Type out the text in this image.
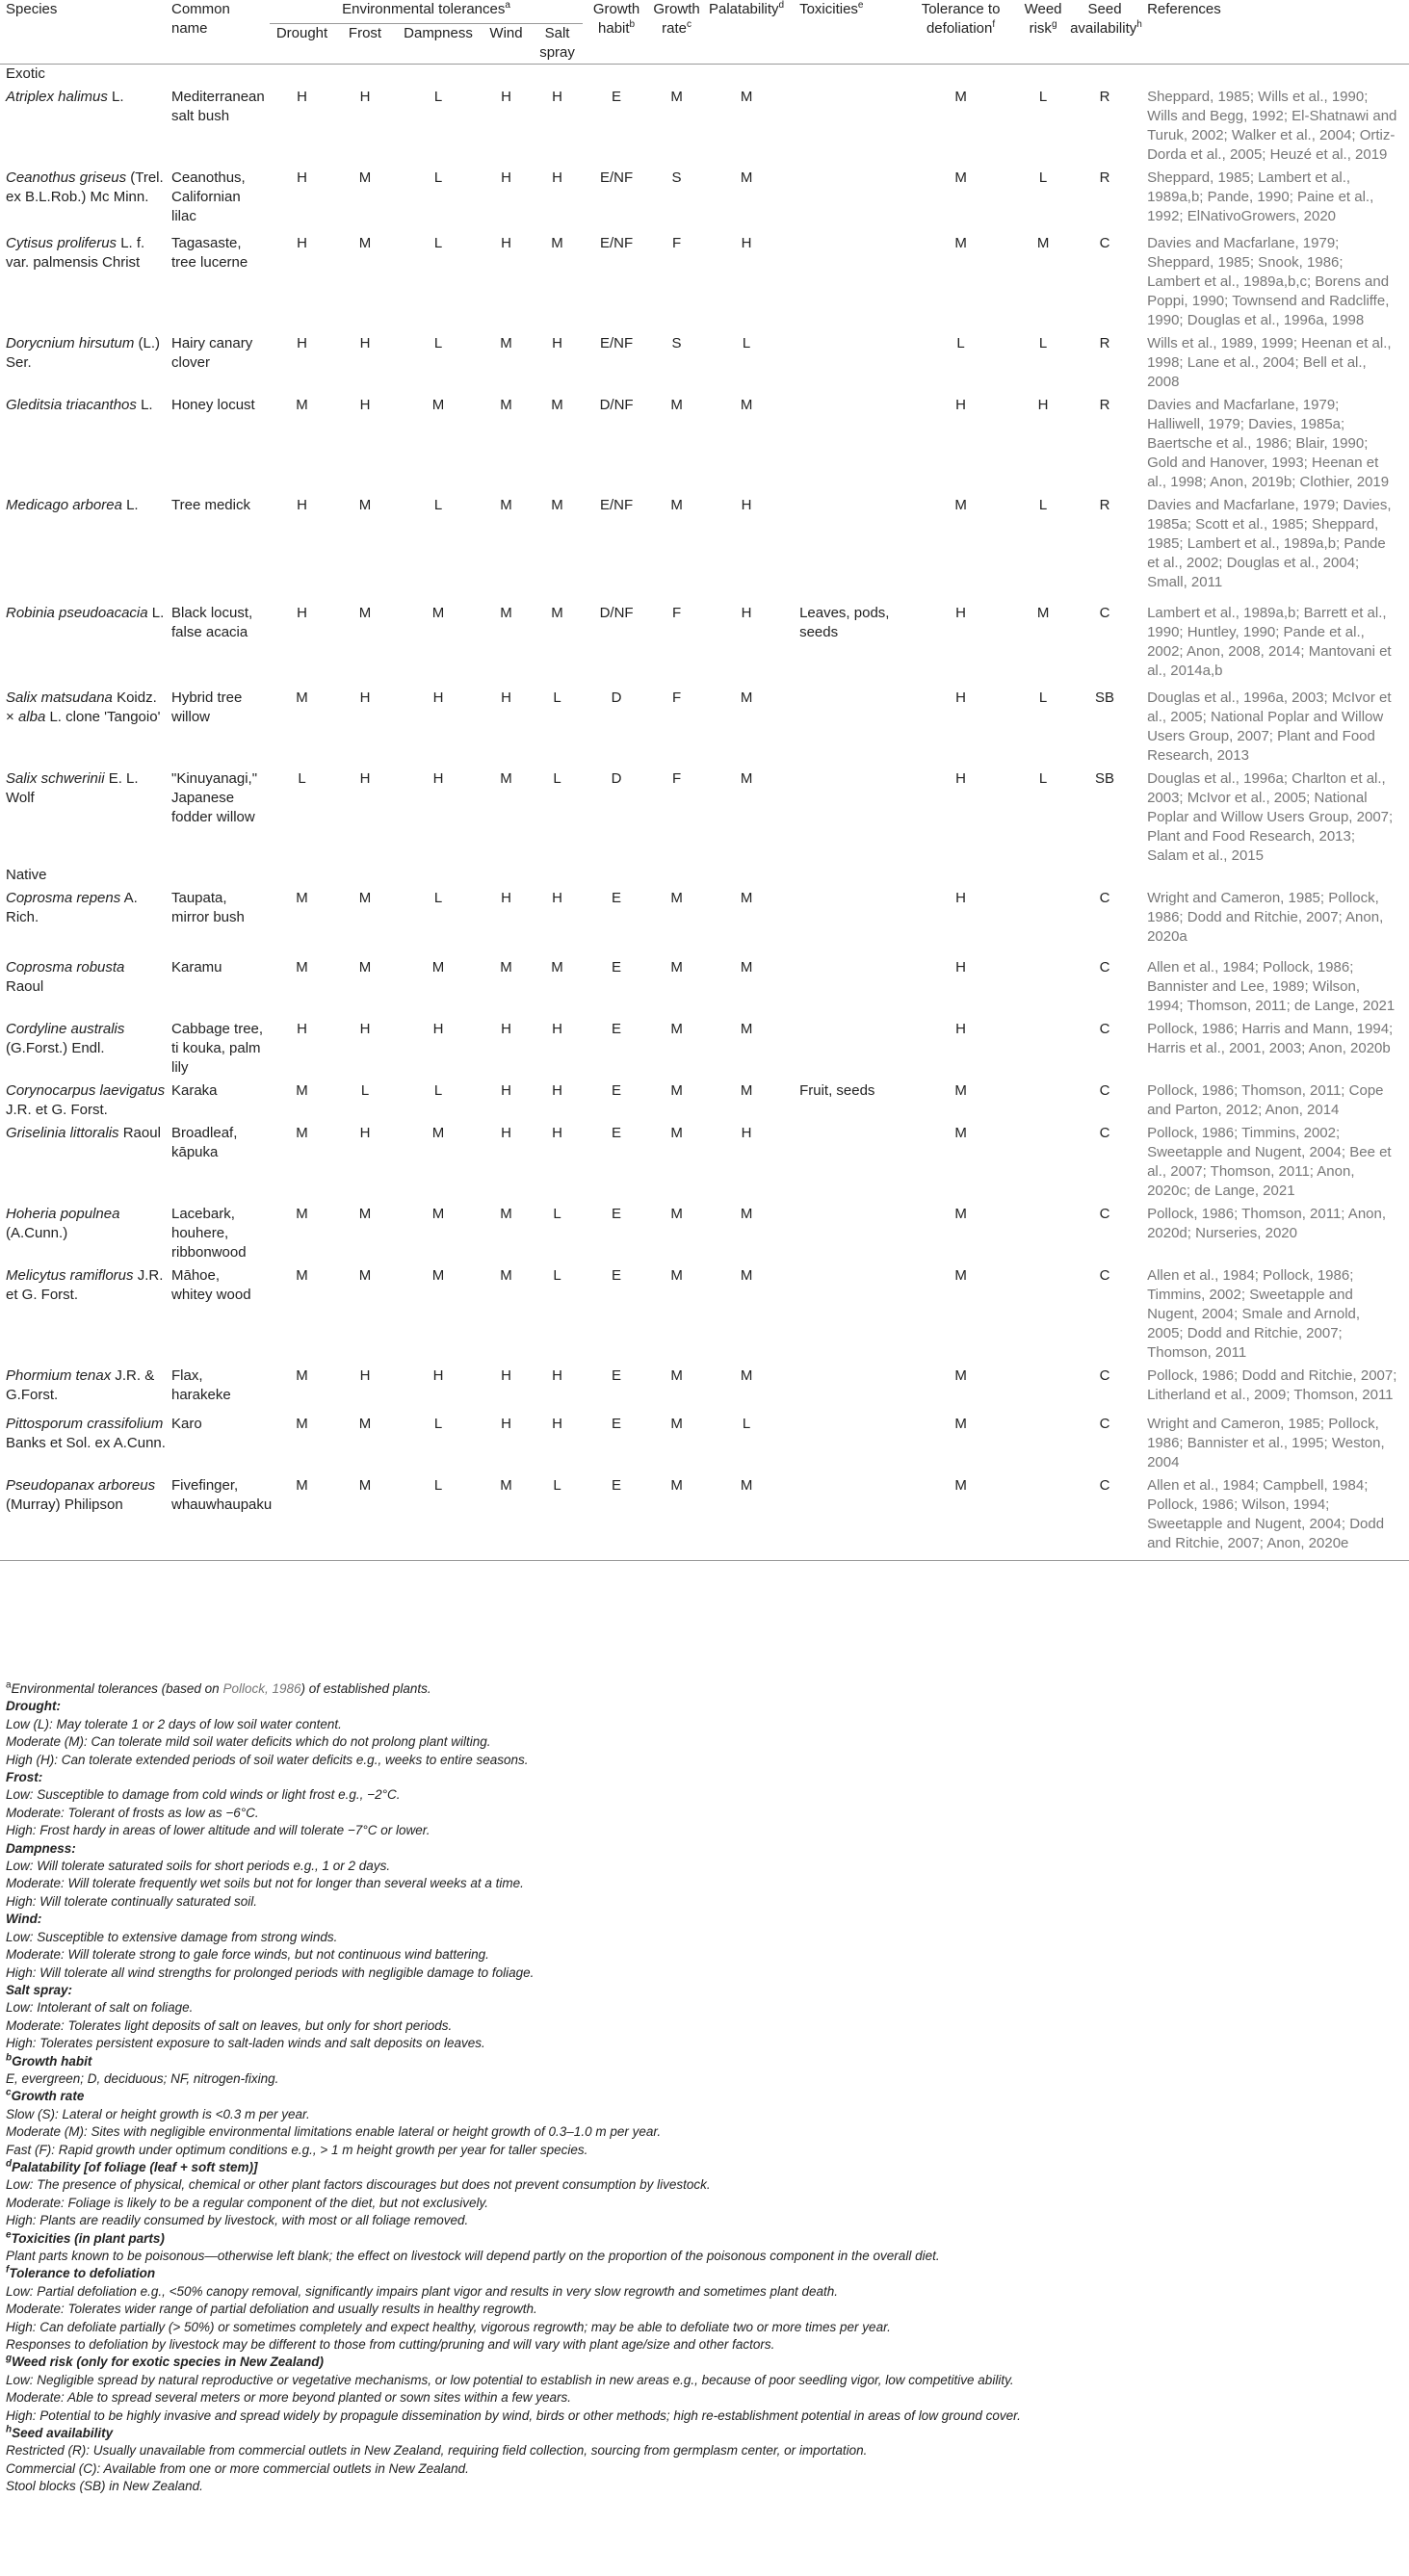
Species	Common name	Environmental tolerances$^a$					Growth habit$^b$	Growth rate$^c$	Palatability$^d$	Toxicities$^e$	Tolerance to defoliation$^f$	Weed risk$^g$	Seed availability$^h$	References
		Drought	Frost	Dampness	Wind	Salt spray								

Exotic														
Atriplex halimus L.	Mediterranean salt bush	H	H	L	H	H	E	M	M		M	L	R	Sheppard, 1985; Wills et al., 1990; Wills and Begg, 1992; El-Shatnawi and Turuk, 2002; Walker et al., 2004; Ortiz-Dorda et al., 2005; Heuzé et al., 2019
Ceanothus griseus (Trel. ex B.L.Rob.) Mc Minn.	Ceanothus, Californian lilac	H	M	L	H	H	E/NF	S	M		M	L	R	Sheppard, 1985; Lambert et al., 1989a,b; Pande, 1990; Paine et al., 1992; ElNativoGrowers, 2020
Cytisus proliferus L. f. var. palmensis Christ	Tagasaste, tree lucerne	H	M	L	H	M	E/NF	F	H		M	M	C	Davies and Macfarlane, 1979; Sheppard, 1985; Snook, 1986; Lambert et al., 1989a,b,c; Borens and Poppi, 1990; Townsend and Radcliffe, 1990; Douglas et al., 1996a, 1998
Dorycnium hirsutum (L.) Ser.	Hairy canary clover	H	H	L	M	H	E/NF	S	L		L	L	R	Wills et al., 1989, 1999; Heenan et al., 1998; Lane et al., 2004; Bell et al., 2008
Gleditsia triacanthos L.	Honey locust	M	H	M	M	M	D/NF	M	M		H	H	R	Davies and Macfarlane, 1979; Halliwell, 1979; Davies, 1985a; Baertsche et al., 1986; Blair, 1990; Gold and Hanover, 1993; Heenan et al., 1998; Anon, 2019b; Clothier, 2019
Medicago arborea L.	Tree medick	H	M	L	M	M	E/NF	M	H		M	L	R	Davies and Macfarlane, 1979; Davies, 1985a; Scott et al., 1985; Sheppard, 1985; Lambert et al., 1989a,b; Pande et al., 2002; Douglas et al., 2004; Small, 2011
Robinia pseudoacacia L.	Black locust, false acacia	H	M	M	M	M	D/NF	F	H	Leaves, pods, seeds	H	M	C	Lambert et al., 1989a,b; Barrett et al., 1990; Huntley, 1990; Pande et al., 2002; Anon, 2008, 2014; Mantovani et al., 2014a,b
Salix matsudana Koidz. × alba L. clone 'Tangoio'	Hybrid tree willow	M	H	H	H	L	D	F	M		H	L	SB	Douglas et al., 1996a, 2003; McIvor et al., 2005; National Poplar and Willow Users Group, 2007; Plant and Food Research, 2013
Salix schwerinii E. L. Wolf	"Kinuyanagi," Japanese fodder willow	L	H	H	M	L	D	F	M		H	L	SB	Douglas et al., 1996a; Charlton et al., 2003; McIvor et al., 2005; National Poplar and Willow Users Group, 2007; Plant and Food Research, 2013; Salam et al., 2015
Native														
Coprosma repens A. Rich.	Taupata, mirror bush	M	M	L	H	H	E	M	M		H		C	Wright and Cameron, 1985; Pollock, 1986; Dodd and Ritchie, 2007; Anon, 2020a
Coprosma robusta Raoul	Karamu	M	M	M	M	M	E	M	M		H		C	Allen et al., 1984; Pollock, 1986; Bannister and Lee, 1989; Wilson, 1994; Thomson, 2011; de Lange, 2021
Cordyline australis (G.Forst.) Endl.	Cabbage tree, ti kouka, palm lily	H	H	H	H	H	E	M	M		H		C	Pollock, 1986; Harris and Mann, 1994; Harris et al., 2001, 2003; Anon, 2020b
Corynocarpus laevigatus J.R. et G. Forst.	Karaka	M	L	L	H	H	E	M	M	Fruit, seeds	M		C	Pollock, 1986; Thomson, 2011; Cope and Parton, 2012; Anon, 2014
Griselinia littoralis Raoul	Broadleaf, kāpuka	M	H	M	H	H	E	M	H		M		C	Pollock, 1986; Timmins, 2002; Sweetapple and Nugent, 2004; Bee et al., 2007; Thomson, 2011; Anon, 2020c; de Lange, 2021
Hoheria populnea (A.Cunn.)	Lacebark, houhere, ribbonwood	M	M	M	M	L	E	M	M		M		C	Pollock, 1986; Thomson, 2011; Anon, 2020d; Nurseries, 2020
Melicytus ramiflorus J.R. et G. Forst.	Māhoe, whitey wood	M	M	M	M	L	E	M	M		M		C	Allen et al., 1984; Pollock, 1986; Timmins, 2002; Sweetapple and Nugent, 2004; Smale and Arnold, 2005; Dodd and Ritchie, 2007; Thomson, 2011
Phormium tenax J.R. & G.Forst.	Flax, harakeke	M	H	H	H	H	E	M	M		M		C	Pollock, 1986; Dodd and Ritchie, 2007; Litherland et al., 2009; Thomson, 2011
Pittosporum crassifolium Banks et Sol. ex A.Cunn.	Karo	M	M	L	H	H	E	M	L		M		C	Wright and Cameron, 1985; Pollock, 1986; Bannister et al., 1995; Weston, 2004
Pseudopanax arboreus (Murray) Philipson	Fivefinger, whauwhaupaku	M	M	L	M	L	E	M	M		M		C	Allen et al., 1984; Campbell, 1984; Pollock, 1986; Wilson, 1994; Sweetapple and Nugent, 2004; Dodd and Ritchie, 2007; Anon, 2020e

$^a$Environmental tolerances (based on Pollock, 1986) of established plants.

Drought:

Low (L): May tolerate 1 or 2 days of low soil water content.

Moderate (M): Can tolerate mild soil water deficits which do not prolong plant wilting.

High (H): Can tolerate extended periods of soil water deficits e.g., weeks to entire seasons.

Frost:

Low: Susceptible to damage from cold winds or light frost e.g., −2°C.

Moderate: Tolerant of frosts as low as −6°C.

High: Frost hardy in areas of lower altitude and will tolerate −7°C or lower.

Dampness:

Low: Will tolerate saturated soils for short periods e.g., 1 or 2 days.

Moderate: Will tolerate frequently wet soils but not for longer than several weeks at a time.

High: Will tolerate continually saturated soil.

Wind:

Low: Susceptible to extensive damage from strong winds.

Moderate: Will tolerate strong to gale force winds, but not continuous wind battering.

High: Will tolerate all wind strengths for prolonged periods with negligible damage to foliage.

Salt spray:

Low: Intolerant of salt on foliage.

Moderate: Tolerates light deposits of salt on leaves, but only for short periods.

High: Tolerates persistent exposure to salt-laden winds and salt deposits on leaves.

$^b$Growth habit

E, evergreen; D, deciduous; NF, nitrogen-fixing.

$^c$Growth rate

Slow (S): Lateral or height growth is <0.3 m per year.

Moderate (M): Sites with negligible environmental limitations enable lateral or height growth of 0.3–1.0 m per year.

Fast (F): Rapid growth under optimum conditions e.g., > 1 m height growth per year for taller species.

$^d$Palatability [of foliage (leaf + soft stem)]

Low: The presence of physical, chemical or other plant factors discourages but does not prevent consumption by livestock.

Moderate: Foliage is likely to be a regular component of the diet, but not exclusively.

High: Plants are readily consumed by livestock, with most or all foliage removed.

$^e$Toxicities (in plant parts)

Plant parts known to be poisonous—otherwise left blank; the effect on livestock will depend partly on the proportion of the poisonous component in the overall diet.

$^f$Tolerance to defoliation

Low: Partial defoliation e.g., <50% canopy removal, significantly impairs plant vigor and results in very slow regrowth and sometimes plant death.

Moderate: Tolerates wider range of partial defoliation and usually results in healthy regrowth.

High: Can defoliate partially (> 50%) or sometimes completely and expect healthy, vigorous regrowth; may be able to defoliate two or more times per year.

Responses to defoliation by livestock may be different to those from cutting/pruning and will vary with plant age/size and other factors.

$^g$Weed risk (only for exotic species in New Zealand)

Low: Negligible spread by natural reproductive or vegetative mechanisms, or low potential to establish in new areas e.g., because of poor seedling vigor, low competitive ability.

Moderate: Able to spread several meters or more beyond planted or sown sites within a few years.

High: Potential to be highly invasive and spread widely by propagule dissemination by wind, birds or other methods; high re-establishment potential in areas of low ground cover.

$^h$Seed availability

Restricted (R): Usually unavailable from commercial outlets in New Zealand, requiring field collection, sourcing from germplasm center, or importation.

Commercial (C): Available from one or more commercial outlets in New Zealand.

Stool blocks (SB) in New Zealand.
